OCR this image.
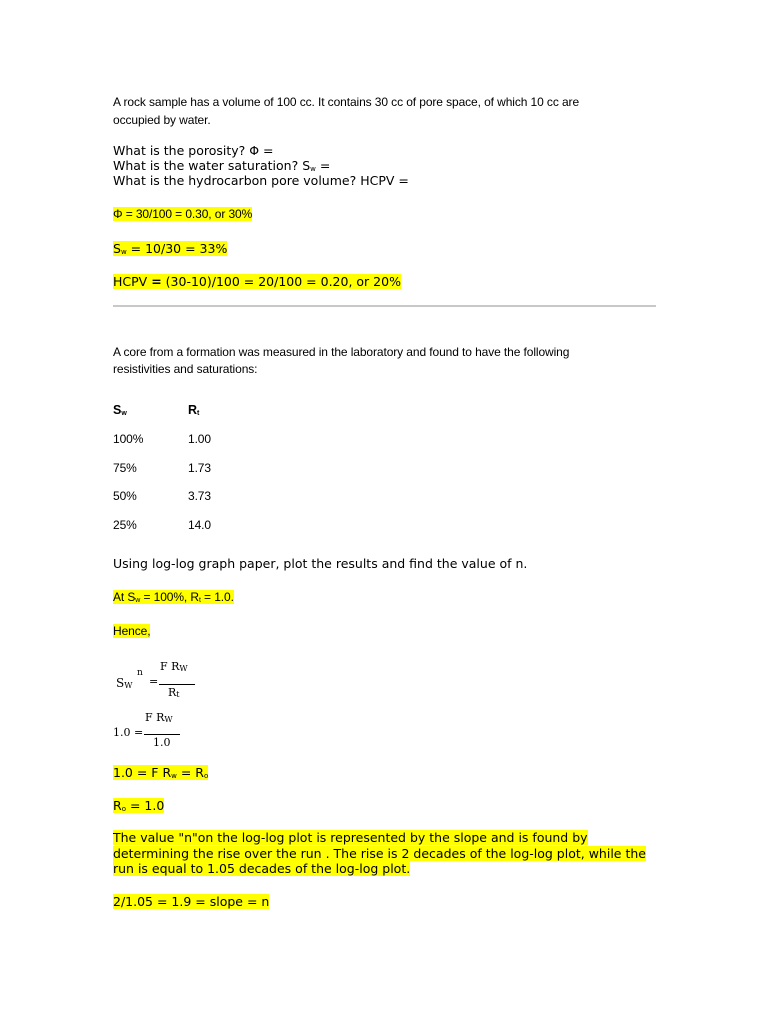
A rock sample has a volume of 100 cc. It contains 30 cc of pore space, of which 10 cc are
occupied by water.
What is the porosity? Φ =
What is the water saturation? $S_w$ =
What is the hydrocarbon pore volume? HCPV =
Φ = 30/100 = 0.30, or 30%
$S_w = 10/30 = 33\%$
HCPV = (30-10)/100 = 20/100 = 0.20, or 20%
A core from a formation was measured in the laboratory and found to have the following
resistivities and saturations:
$S_w$	$R_t$
100%	1.00
75%	1.73
50%	3.73
25%	14.0
Using log-log graph paper, plot the results and find the value of n.
At $S_w = 100\%$, $R_t = 1.0$.
Hence,
$S_W$
n
=
F $R_W$
$R_t$
1.0 =
F $R_W$
1.0
1.0 = F $R_w = R_o$
$R_o = 1.0$
The value "n"on the log-log plot is represented by the slope and is found by
determining the rise over the run . The rise is 2 decades of the log-log plot, while the
run is equal to 1.05 decades of the log-log plot.
2/1.05 = 1.9 = slope = n
